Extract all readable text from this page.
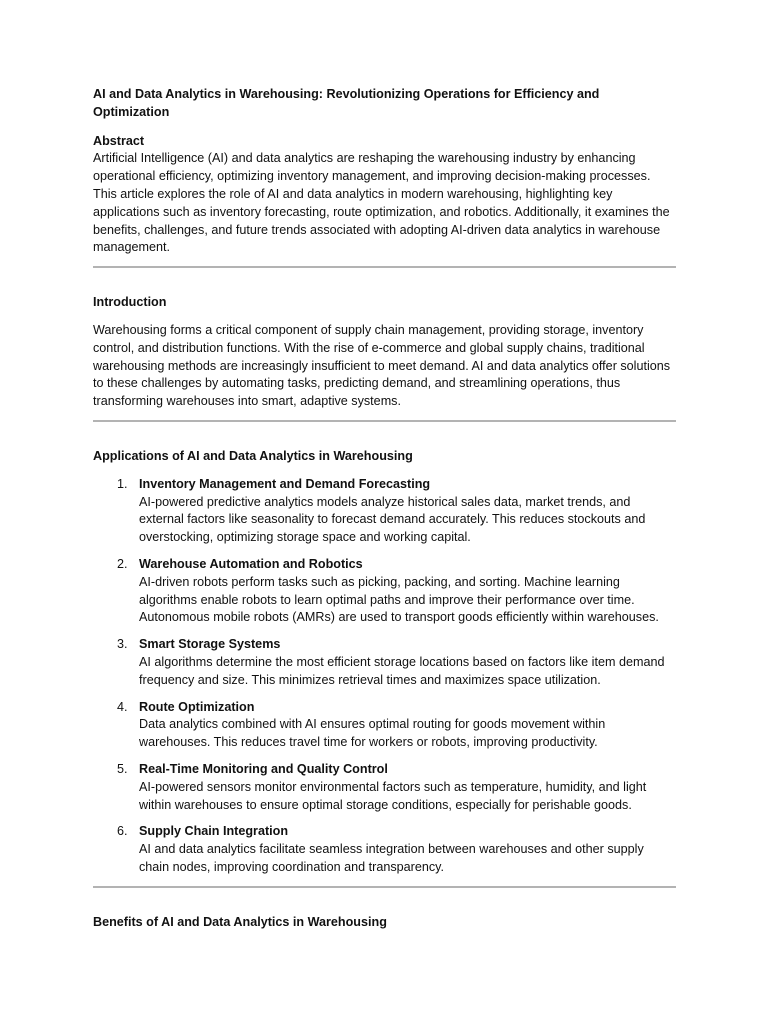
AI and Data Analytics in Warehousing: Revolutionizing Operations for Efficiency and Optimization
Abstract
Artificial Intelligence (AI) and data analytics are reshaping the warehousing industry by enhancing operational efficiency, optimizing inventory management, and improving decision-making processes. This article explores the role of AI and data analytics in modern warehousing, highlighting key applications such as inventory forecasting, route optimization, and robotics. Additionally, it examines the benefits, challenges, and future trends associated with adopting AI-driven data analytics in warehouse management.
Introduction
Warehousing forms a critical component of supply chain management, providing storage, inventory control, and distribution functions. With the rise of e-commerce and global supply chains, traditional warehousing methods are increasingly insufficient to meet demand. AI and data analytics offer solutions to these challenges by automating tasks, predicting demand, and streamlining operations, thus transforming warehouses into smart, adaptive systems.
Applications of AI and Data Analytics in Warehousing
1. Inventory Management and Demand Forecasting
AI-powered predictive analytics models analyze historical sales data, market trends, and external factors like seasonality to forecast demand accurately. This reduces stockouts and overstocking, optimizing storage space and working capital.
2. Warehouse Automation and Robotics
AI-driven robots perform tasks such as picking, packing, and sorting. Machine learning algorithms enable robots to learn optimal paths and improve their performance over time. Autonomous mobile robots (AMRs) are used to transport goods efficiently within warehouses.
3. Smart Storage Systems
AI algorithms determine the most efficient storage locations based on factors like item demand frequency and size. This minimizes retrieval times and maximizes space utilization.
4. Route Optimization
Data analytics combined with AI ensures optimal routing for goods movement within warehouses. This reduces travel time for workers or robots, improving productivity.
5. Real-Time Monitoring and Quality Control
AI-powered sensors monitor environmental factors such as temperature, humidity, and light within warehouses to ensure optimal storage conditions, especially for perishable goods.
6. Supply Chain Integration
AI and data analytics facilitate seamless integration between warehouses and other supply chain nodes, improving coordination and transparency.
Benefits of AI and Data Analytics in Warehousing
